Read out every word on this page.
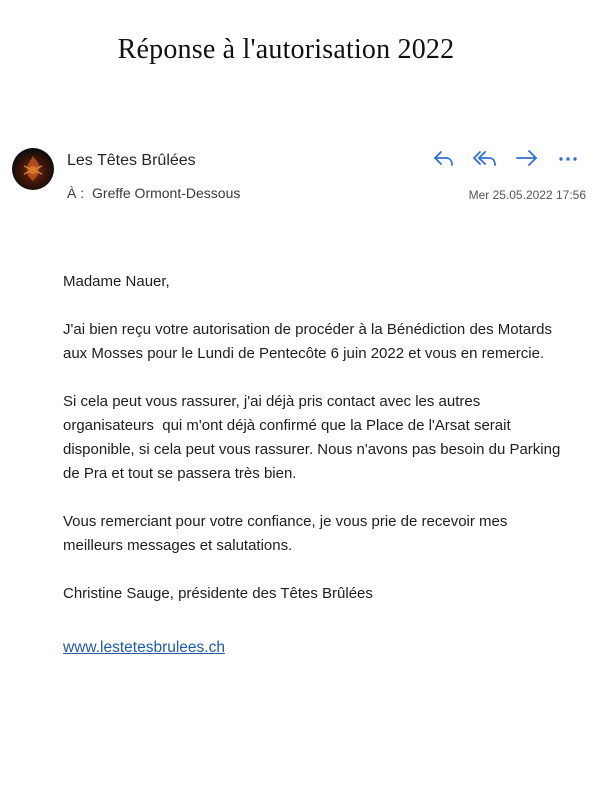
Réponse à l'autorisation 2022
Les Têtes Brûlées
À : Greffe Ormont-Dessous
	Mer 25.05.2022 17:56

Madame Nauer,

J'ai bien reçu votre autorisation de procéder à la Bénédiction des Motards aux Mosses pour le Lundi de Pentecôte 6 juin 2022 et vous en remercie.

Si cela peut vous rassurer, j'ai déjà pris contact avec les autres organisateurs  qui m'ont déjà confirmé que la Place de l'Arsat serait disponible, si cela peut vous rassurer. Nous n'avons pas besoin du Parking de Pra et tout se passera très bien.

Vous remerciant pour votre confiance, je vous prie de recevoir mes meilleurs messages et salutations.

Christine Sauge, présidente des Têtes Brûlées

www.lestetesbrulees.ch
